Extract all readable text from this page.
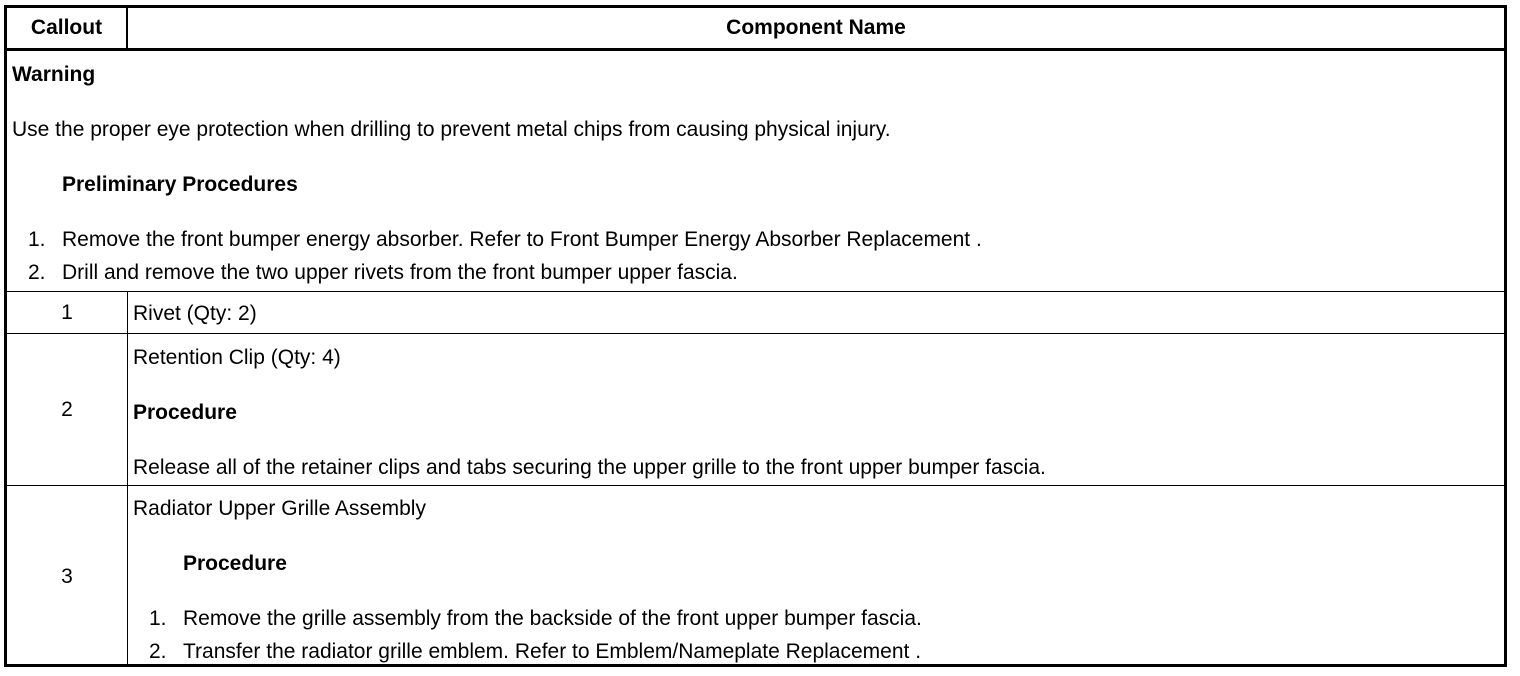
Callout	Component Name
Warning
Use the proper eye protection when drilling to prevent metal chips from causing physical injury.
Preliminary Procedures
1. Remove the front bumper energy absorber. Refer to Front Bumper Energy Absorber Replacement .
2. Drill and remove the two upper rivets from the front bumper upper fascia.
1	Rivet (Qty: 2)
2
Retention Clip (Qty: 4)
Procedure
Release all of the retainer clips and tabs securing the upper grille to the front upper bumper fascia.
3
Radiator Upper Grille Assembly
Procedure
1. Remove the grille assembly from the backside of the front upper bumper fascia.
2. Transfer the radiator grille emblem. Refer to Emblem/Nameplate Replacement .
